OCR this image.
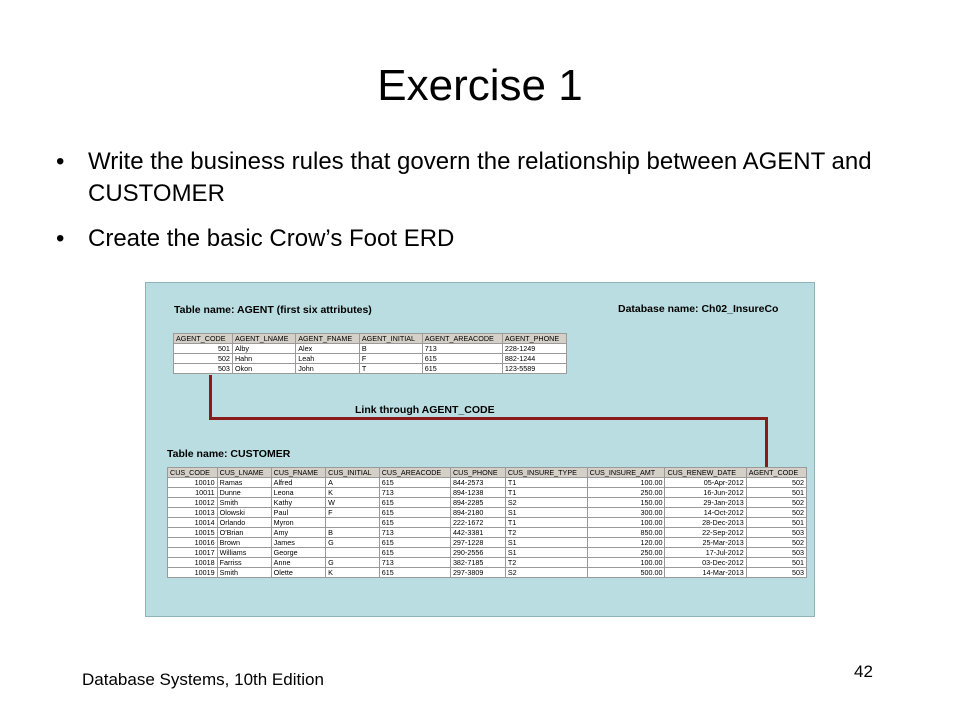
Exercise 1
• Write the business rules that govern the relationship between AGENT and CUSTOMER
• Create the basic Crow’s Foot ERD
Table name: AGENT (first six attributes)	Database name: Ch02_InsureCo
AGENT_CODE	AGENT_LNAME	AGENT_FNAME	AGENT_INITIAL	AGENT_AREACODE	AGENT_PHONE
501	Alby	Alex	B	713	228-1249
502	Hahn	Leah	F	615	882-1244
503	Okon	John	T	615	123-5589
Link through AGENT_CODE
Table name: CUSTOMER
CUS_CODE	CUS_LNAME	CUS_FNAME	CUS_INITIAL	CUS_AREACODE	CUS_PHONE	CUS_INSURE_TYPE	CUS_INSURE_AMT	CUS_RENEW_DATE	AGENT_CODE
10010	Ramas	Alfred	A	615	844-2573	T1	100.00	05-Apr-2012	502
10011	Dunne	Leona	K	713	894-1238	T1	250.00	16-Jun-2012	501
10012	Smith	Kathy	W	615	894-2285	S2	150.00	29-Jan-2013	502
10013	Olowski	Paul	F	615	894-2180	S1	300.00	14-Oct-2012	502
10014	Orlando	Myron		615	222-1672	T1	100.00	28-Dec-2013	501
10015	O'Brian	Amy	B	713	442-3381	T2	850.00	22-Sep-2012	503
10016	Brown	James	G	615	297-1228	S1	120.00	25-Mar-2013	502
10017	Williams	George		615	290-2556	S1	250.00	17-Jul-2012	503
10018	Farriss	Anne	G	713	382-7185	T2	100.00	03-Dec-2012	501
10019	Smith	Olette	K	615	297-3809	S2	500.00	14-Mar-2013	503
Database Systems, 10th Edition	42
